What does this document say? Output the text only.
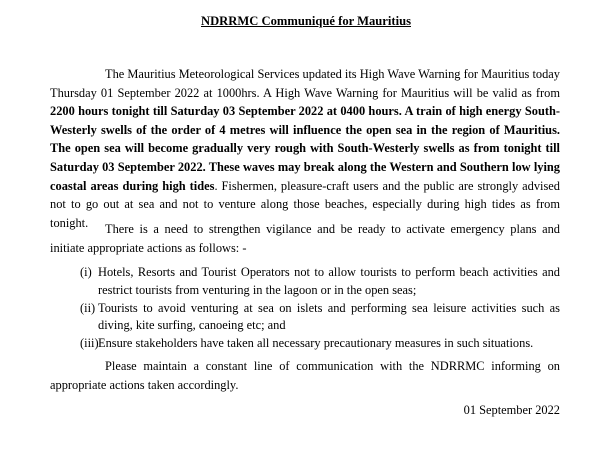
NDRRMC Communiqué for Mauritius

The Mauritius Meteorological Services updated its High Wave Warning for Mauritius today Thursday 01 September 2022 at 1000hrs. A High Wave Warning for Mauritius will be valid as from 2200 hours tonight till Saturday 03 September 2022 at 0400 hours. A train of high energy South-Westerly swells of the order of 4 metres will influence the open sea in the region of Mauritius. The open sea will become gradually very rough with South-Westerly swells as from tonight till Saturday 03 September 2022. These waves may break along the Western and Southern low lying coastal areas during high tides. Fishermen, pleasure-craft users and the public are strongly advised not to go out at sea and not to venture along those beaches, especially during high tides as from tonight.	There is a need to strengthen vigilance and be ready to activate emergency plans and initiate appropriate actions as follows: -

(i) Hotels, Resorts and Tourist Operators not to allow tourists to perform beach activities and restrict tourists from venturing in the lagoon or in the open seas;
(ii) Tourists to avoid venturing at sea on islets and performing sea leisure activities such as diving, kite surfing, canoeing etc; and
(iii) Ensure stakeholders have taken all necessary precautionary measures in such situations.

Please maintain a constant line of communication with the NDRRMC informing on appropriate actions taken accordingly.

01 September 2022
